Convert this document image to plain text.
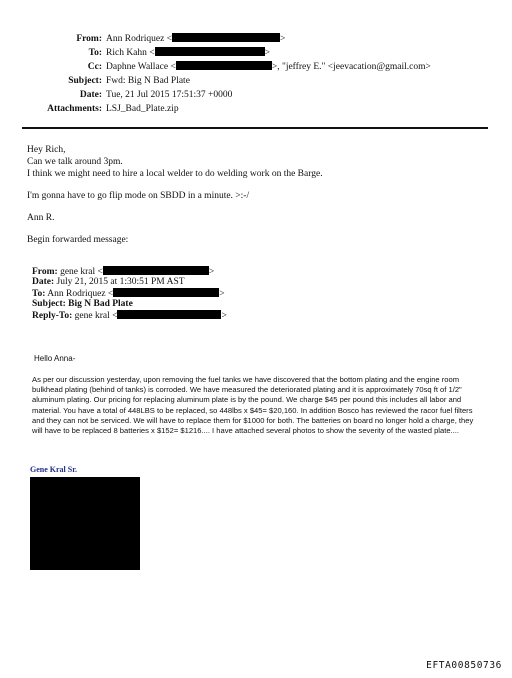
From: Ann Rodriquez <	>
To: Rich Kahn <	>
Cc: Daphne Wallace <	>, "jeffrey E." <jeevacation@gmail.com>
Subject: Fwd: Big N Bad Plate
Date: Tue, 21 Jul 2015 17:51:37 +0000
Attachments: LSJ_Bad_Plate.zip
Hey Rich,
Can we talk around 3pm.
I think we might need to hire a local welder to do welding work on the Barge.
I'm gonna have to go flip mode on SBDD in a minute. >:-/
Ann R.
Begin forwarded message:
From: gene kral <	>
Date: July 21, 2015 at 1:30:51 PM AST
To: Ann Rodriquez <	>
Subject: Big N Bad Plate
Reply-To: gene kral <	>
Hello Anna-
As per our discussion yesterday, upon removing the fuel tanks we have discovered that the bottom plating and the engine room bulkhead plating (behind of tanks) is corroded. We have measured the deteriorated plating and it is approximately 70sq ft of 1/2" aluminum plating. Our pricing for replacing aluminum plate is by the pound. We charge $45 per pound this includes all labor and material. You have a total of 448LBS to be replaced, so 448lbs x $45= $20,160. In addition Bosco has reviewed the racor fuel filters and they can not be serviced. We will have to replace them for $1000 for both. The batteries on board no longer hold a charge, they will have to be replaced 8 batteries x $152= $1216.... I have attached several photos to show the severity of the wasted plate....
Gene Kral Sr.
EFTA00850736
